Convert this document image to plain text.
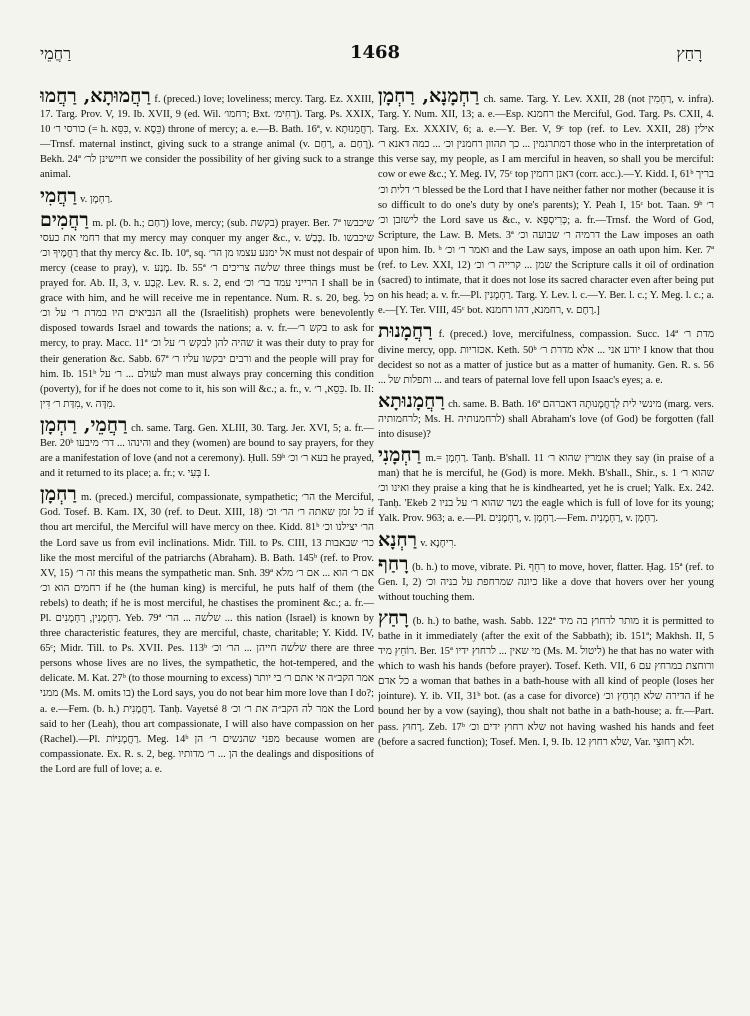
רַחֲמֵי	1468	רָחַץ

רַחֲמוּתָא, רַחֲמוּ f. (preced.) love; loveliness; mercy. Targ. Ez. XXIII, 17. Targ. Prov. V, 19. Ib. XVII, 9 (ed. Wil. רחמו׳; Bxt. רְחִימ׳). Targ. Ps. XXIX, 10 כורסי ר׳ (= h. כִּסֵּא, v. כֵּסֶא) throne of mercy; a. e.—B. Bath. 16ª, v. רְחֲמֵנוּתָא.—Trnsf. maternal instinct, giving suck to a strange animal (v. רַחַם, a. רָחַם). Bekh. 24ª חיישינן לר׳ we consider the possibility of her giving suck to a strange animal.

רַחֲמִי v. רַחְמָן.

רַחֲמִים m. pl. (b. h.; רַחַם) love, mercy; (sub. בקשת) prayer. Ber. 7ª שיכבשו רחמי את כעסי that my mercy may conquer my anger &c., v. כָּבַשׁ. Ib. שיכבשו רַחֲמֶיךָ וכ׳ that thy mercy &c. Ib. 10ª, sq. אל ימנע עצמו מן הר׳ must not despair of mercy (cease to pray), v. מָנַע. Ib. 55ª שלשה צריכים ר׳ three things must be prayed for. Ab. II, 3, v. קֶבַע. Lev. R. s. 2, end הרייני עמד בר׳ וכ׳ I shall be in grace with him, and he will receive me in repentance. Num. R. s. 20, beg. כל הנביאים היו במדת ר׳ על וכ׳ all the (Israelitish) prophets were benevolently disposed towards Israel and towards the nations; a. v. fr.—בקש ר׳ to ask for mercy, to pray. Macc. 11ª שהיה להן לבקש ר׳ על וכ׳ it was their duty to pray for their generation &c. Sabb. 67ª ורבים יבקשו עליו ר׳ and the people will pray for him. Ib. 151ᵇ לעולם ... ר׳ על man must always pray concerning this condition (poverty), for if he does not come to it, his son will &c.; a. fr., v. כֵּסֵא, ר׳. Ib. II: מִדַּת ר׳ דִּין, v. מִדָּה.

רַחֲמֵי, רַחְמָן ch. same. Targ. Gen. XLIII, 30. Targ. Jer. XVI, 5; a. fr.—Ber. 20ᵇ והינהו ... דר׳ מיבעו and they (women) are bound to say prayers, for they are a manifestation of love (and not a ceremony). Ḥull. 59ᵇ בעא ר׳ וכ׳ he prayed, and it returned to its place; a. fr.; v. בְּעִי I.

רַחְמָן m. (preced.) merciful, compassionate, sympathetic; הר׳ the Merciful, God. Tosef. B. Kam. IX, 30 (ref. to Deut. XIII, 18) כל זמן שאתה ר׳ הר׳ וכ׳ if thou art merciful, the Merciful will have mercy on thee. Kidd. 81ᵇ הר׳ יצילנו וכ׳ the Lord save us from evil inclinations. Midr. Till. to Ps. CIII, 13 כר׳ שבאבות like the most merciful of the patriarchs (Abraham). B. Bath. 145ᵇ (ref. to Prov. XV, 15) זה ר׳ this means the sympathetic man. Snh. 39ª אם ר׳ הוא ... אם ר׳ מלא רחמים הוא וכ׳ if he (the human king) is merciful, he puts half of them (the rebels) to death; if he is most merciful, he chastises the prominent &c.; a. fr.—Pl. רַחְמָנִין, רַחְמָנִים. Yeb. 79ª שלשה ... הר׳ ... this nation (Israel) is known by three characteristic features, they are merciful, chaste, charitable; Y. Kidd. IV, 65ᶜ; Midr. Till. to Ps. XVII. Pes. 113ᵇ שלשה חייהן ... הר׳ וכ׳ there are three persons whose lives are no lives, the sympathetic, the hot-tempered, and the delicate. M. Kat. 27ᵇ (to those mourning to excess) אמר הקב״ה אי אתם ר׳ בי יותר ממני (Ms. M. omits בו) the Lord says, you do not bear him more love than I do?; a. e.—Fem. (b. h.) רַחֲמָנִית. Tanḥ. Vayetsé 8 אמר לה הקב״ה את ר׳ וכ׳ the Lord said to her (Leah), thou art compassionate, I will also have compassion on her (Rachel).—Pl. רַחֲמָנִיּוֹת. Meg. 14ᵇ מפני שהנשים ר׳ הן because women are compassionate. Ex. R. s. 2, beg. הן ... ר׳ מדותיו the dealings and dispositions of the Lord are full of love; a. e.

רַחְמָנָא, רַחְמָן ch. same. Targ. Y. Lev. XXII, 28 (not רַחְמִין, v. infra). Targ. Y. Num. XII, 13; a. e.—Esp. רחמנא the Merciful, God. Targ. Ps. CXII, 4. Targ. Ex. XXXIV, 6; a. e.—Y. Ber. V, 9ᶜ top (ref. to Lev. XXII, 28) אילין דמתרגמין ... כך תהוון רחמנין וכ׳ ... כמה דאנא ר׳ those who in the interpretation of this verse say, my people, as I am merciful in heaven, so shall you be merciful: cow or ewe &c.; Y. Meg. IV, 75ᶜ top דאנן רחמין (corr. acc.).—Y. Kidd. I, 61ᵇ בריך ר׳ דלית וכ׳ blessed be the Lord that I have neither father nor mother (because it is so difficult to do one's duty by one's parents); Y. Peah I, 15ᶜ bot. Taan. 9ᵇ ר׳ לישזבן וכ׳ the Lord save us &c., v. כְּרִיסְפָּא; a. fr.—Trnsf. the Word of God, Scripture, the Law. B. Mets. 3ª דרמיה ר׳ שבועה וכ׳ the Law imposes an oath upon him. Ib. ᵇ ואמר ר׳ וכ׳ and the Law says, impose an oath upon him. Ker. 7ª (ref. to Lev. XXI, 12) שמן ... קרייה ר׳ וכ׳ the Scripture calls it oil of ordination (sacred) to intimate, that it does not lose its sacred character even after being put on his head; a. v. fr.—Pl. רַחְמָנִין. Targ. Y. Lev. l. c.—Y. Ber. l. c.; Y. Meg. l. c.; a. e.—[Y. Ter. VIII, 45ᶜ bot. רחמנא, דהו רחמנא, v. רֶחֶם.]

רַחֲמָנוּת f. (preced.) love, mercifulness, compassion. Succ. 14ª מדת ר׳ divine mercy, opp. אכזריות. Keth. 50ᵇ יודע אני ... אלא מדרת ר׳ I know that thou decidest so not as a matter of justice but as a matter of humanity. Gen. R. s. 56 ... ותפלות של ... and tears of paternal love fell upon Isaac's eyes; a. e.

רַחֲמָנוּתָא ch. same. B. Bath. 16ª מינשי לית לְרַחֲמָנוּתָה דאברהם (marg. vers. לרחמותיה; Ms. H. לרחמנותיה) shall Abraham's love (of God) be forgotten (fall into disuse)?

רַחְמָנִי m.= רַחְמָן. Tanḥ. B'shall. 11 אומרין שהוא ר׳ they say (in praise of a man) that he is merciful, he (God) is more. Mekh. B'shall., Shir., s. 1 שהוא ר׳ ואינו וכ׳ they praise a king that he is kindhearted, yet he is cruel; Yalk. Ex. 242. Tanḥ. 'Ekeb 2 נשר שהוא ר׳ על בניו the eagle which is full of love for its young; Yalk. Prov. 963; a. e.—Pl. רַחְמָנִים, v. רַחְמָן.—Fem. רַחְמָנִית, v. רַחְמָן.

רַחְנָא v. רִיחָנָא.

רָחַף (b. h.) to move, vibrate. Pi. רִחֵף to move, hover, flatter. Ḥag. 15ª (ref. to Gen. I, 2) כיונה שמרחפת על בניה וכ׳ like a dove that hovers over her young without touching them.

רָחַץ (b. h.) to bathe, wash. Sabb. 122ª מותר לרחוץ בה מיד it is permitted to bathe in it immediately (after the exit of the Sabbath); ib. 151ª; Makhsh. II, 5 רוֹחֵץ מיד. Ber. 15ª מי שאין ... לרחוץ ידיו (Ms. M. ליטול) he that has no water with which to wash his hands (before prayer). Tosef. Keth. VII, 6 ורוחצת במרחץ עם כל אדם a woman that bathes in a bath-house with all kind of people (loses her jointure). Y. ib. VII, 31ᵇ bot. (as a case for divorce) הדירה שלא תִרְחַץ וכ׳ if he bound her by a vow (saying), thou shalt not bathe in a bath-house; a. fr.—Part. pass. רָחוּץ. Zeb. 17ᵇ שלא רחוץ ידים וכ׳ not having washed his hands and feet (before a sacred function); Tosef. Men. I, 9. Ib. 12 שלא רחוץ, Var. ולא רְחוּצֵי.
